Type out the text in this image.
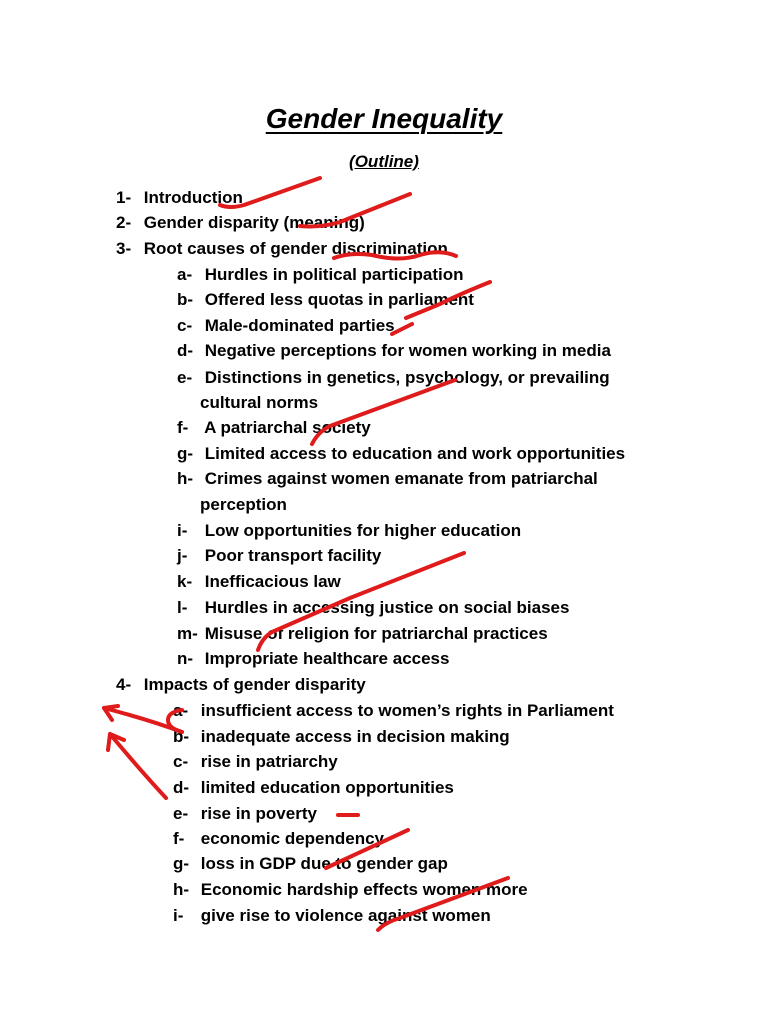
Gender Inequality
(Outline)
1- Introduction
2- Gender disparity (meaning)
3- Root causes of gender discrimination
a- Hurdles in political participation
b- Offered less quotas in parliament
c- Male-dominated parties
d- Negative perceptions for women working in media
e- Distinctions in genetics, psychology, or prevailing
cultural norms
f- A patriarchal society
g- Limited access to education and work opportunities
h- Crimes against women emanate from patriarchal
perception
i- Low opportunities for higher education
j- Poor transport facility
k- Inefficacious law
l- Hurdles in accessing justice on social biases
m- Misuse of religion for patriarchal practices
n- Impropriate healthcare access
4- Impacts of gender disparity
a- insufficient access to women’s rights in Parliament
b- inadequate access in decision making
c- rise in patriarchy
d- limited education opportunities
e- rise in poverty
f- economic dependency
g- loss in GDP due to gender gap
h- Economic hardship effects women more
i- give rise to violence against women
